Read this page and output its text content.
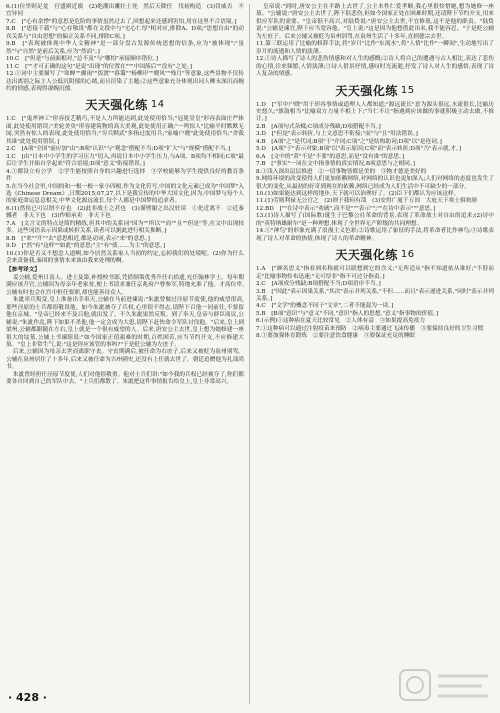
6.(1)位卑则足羞　官盛则近谀　(2)绝潮出雕壮士死　然后天降任　伐初构造　(3)罚威否　不宜异同

7.C　["心有余悸"的意思是危险的事情虽然过去了,回想起来还感到害怕,用在这里不合语境。]

8.B　["思接千载"与"心存敬畏"都在文段中与"宅心仁厚"相对应,排除A、D项;"思想自由"的动宾关系与"自由思想"的偏正关系不同,排除C项。]

9.B　["表现被体现中华人文精神"是一部分盘古发源传统思想的信条,应为"被体现";"虽然"与"自然"是前后关系,应为"然而"。]

10.C　["但是"与前面相对,"总不及"与"哪怕"承接顺序错位。]

11.C　[""才可正确的这句"是说"出现"的位置在"""中国落后""没有"之处。]

12.①词中主要描写了"寒蝉""骤雨""饭渡""暮霭""杨柳岸""晓风""残月"等意象,这些景物不仅传达出离别之际主人公低沉阴郁的心绪,而且渲染了主题;②这些意象充分体现出词人柳永深沉而婉约的情感,表现得凄婉沉郁。

天天强化练 14

1.C　["鬼斧神工"形容技艺精巧,不是人力所能达到,此处使用恰当;"冠冕堂皇"形容表面庄严体面,此处使用错误;"美轮美奂"形容建筑物的高大美观,此处使用正确;"一鸣惊人"比喻平时默默无闻,突然有惊人的表现,此处使用恰当;"穷兵黩武"多指过度用兵;"家喻户晓"此处使用恰当;"舍我其谁"此处使用错误。]

2.C　[A项"全国"前应加"由";B项"认识"与"观念"搭配不当;D项"扩大"与"规模"搭配不当。]

3.C　[由"日本中小学生的学习压力"切入,再说日本中小学生压力,与A项、B项均不相同;C项"最后让学生开始自学起来"符合语境;D项"意义"衔接错误。]

4.①都设立有公学　②学生能按照自身的兴趣进行选择　③学校能够为学生提供良好的教育条件

5.在当今社会里,中国的和一根一根一家小四根,作为文化符号,中国的文化元素已成为"中国梦"入选《Chinese Dream》,日期2015,07,27,以下是我宣传的中华大国文化,因为,中国梦与每个人的家庭命运息息相关,中华文化源远流长,每个人都是中国梦的追求者。

6.(1)然侯已可以谓不存也　(2)此非战士之甚也　(3)谨劈谢之出汉驻谈　①化近离不　②近秦骥者　非天下也　(3)作师承卖　非天下也

7.A　[文言文的特点是简约精练,但其中的关系词"因为""所以""而""且""但是"等,在文中出现较多。这些词语表示因果或转折关系,读者可以据此进行相关推断。]

8.B　["来""开""去"意思相近,都是动词,表示"来"的意思。]

9.D　["然"有"这样""如此"的意思;"主"有"使……为主"的意思。]

10.(1)你是否又不想念人道啊,如今居然关系家人当初的约定,忘掉我们的处境呢。(2)你为什么会来责备我,秦国的事情本来该由我来处理的啊。

【参考译文】

姜公辅,爱州日南人。进士及第,补授校书郎,凭借制策优秀升任右拾遗,充任翰林学士。每年期满应该升官,公辅因为母亲年老家贫,便上书请求兼任京兆府户曹参军,特地允准了他。才高位卑,公辅有时也会在宫中担任要职,却也能善待众人。

朱泚率兵叛变,皇上准备出幸奉天,公辅在马前进谏说:"朱泚曾做过泾原节度使,他的威望很高,那些泾原的士兵都很敬畏他。如今朱泚被夺了兵权,心里很不得志,请陛下召他一同前往,不要留他在京城。"皇帝已经来不及召他,就出发了。不久朱泚果然反叛。到了奉天,皇帝与群臣商议,公辅说:"朱泚作乱,陛下如果不杀他,他一定会成为大患,请陛下赶快命令军队讨伐他。"后来,皇上到梁州,公辅都跟随在左右,皇上就是一个很有威望的人。后来,唐安公主去世,皇上想为她修建一座很大的坟墓,公辅上书谏阻说:"如今国家正值艰难的时期,百姓困苦,应当节约开支,不应修建大墓。"皇上非常生气,说:"这是你应该管的事吗?"于是贬公辅为左庶子。

后来,公辅因为母亲去世而离职守丧。守丧期满后,被任命为右庶子,后来又被贬为泉州别驾。公辅在泉州居住了十多年,后来又被任命为吉州刺史,还没有上任就去世了。朝廷追赠他为礼部尚书。

朱泚曾经担任泾原节度使,人们对他很敬重。他对士兵们讲:"如今我的兵权已经被夺了,你们都要各自回到自己的军队中去。"士兵们都散了。朱泚把这件事情报告给皇上,皇上非常高兴。

皇帝说:"到时,唐安公主在半路上去世了,公主本性仁爱孝顺,我心里很怜惜她,想为她修一座墓。"公辅说:"唐安公主去世了,陛下很悲伤,但如今国家正处在困难时期,还请陛下节约开支,用来供应军队的需要。"皇帝很不高兴,对陆贽说:"唐安公主去世,不宜修墓,这不是他的职责。"陆贽说:"公辅是谏官,陛下应当宽容他。"皇上说:"这是因为他想借此出名,我不能容忍。"于是贬公辅为左庶子。后来公辅又被贬为泉州别驾,在泉州生活了十多年,直到德宗去世。

11.第三联运用了比喻的修辞手法,将"岁月"比作"东流水",将"人情"比作"一瞬间",生动地写出了岁月的流逝和人情的淡薄。

12.①诗人描写了诗人的悲伤情感和对人生的感慨;②诗人将自己的遭遇与古人相比,表达了悲伤的心情,往来频繁,人情淡薄;③诗人借景抒情,感叹时光流逝,抒发了诗人对人生的感悟,表现了诗人复杂的情感。

天天强化练 15

1.D　["军中户晓"用于形容事情或道理人人都知道;"源远流长"意为源头很远,水流很长,比喻历史悠久;"旗鼓相当"比喻双方力量不相上下;"当仁不让"指遇到应该做的事就积极主动去做,不推让。]

2.B　[A项句式杂糅;C项成分残缺;D项搭配不当。]

3.D　["但是"表示转折,与上文意思不衔接;"而"与"且"用法错误。]

4.B　[A项"之"是代词;B项"于"介词;C项"之"是结构助词;D项"以"是连词。]

5.D　[A项"于"表示对象;B项"以"表示原因;C项"而"表示转折;D项"乃"表示就,才。]

6.A　[文中的"莫"不是"不要"的意思,而是"没有谁"的意思。]

7.B　["事实"一词在文中指事情的真实情况,B项意思与之相同。]

8.①浅入深出层层推进　②一切事物皆都是美的　③物才德是美好的

9.网络环境的改变使得人们更加依赖网络,对网络的认识也更加深入;人们对网络的态度也发生了很大的变化,从最初的好奇到现在的依赖,网络已经成为人们生活中不可缺少的一部分。

10.(1)如果能达到这样的地步,天下就可以治理好了。(2)臣下们都认为应该这样。

11.(1)劳则利禄无公官之　(2)则于我何有哉　(3)安得广厦千万间　大庇天下寒士俱欢颜

12.BD　[""在诗中表示"劝诫",而不是"""表示"";""在诗中表示"""意思。]

13.(1)诗人描写了(国际歌)诞生于巴黎公社革命的背景,表现了革命战士对自由的追求;(2)诗中的"英特纳雄耐尔"是一种理想,体现了全世界无产阶级的共同理想。

14.①"神鸟"的形象充满了浪漫主义色彩;②诗歌运用了象征的手法,将革命者比作神鸟;③诗歌表现了诗人对革命的热情,体现了诗人的革命精神。

天天强化练 16

1.A　["顾名思义"指看到名称就可以联想到它的含义;"无所适从"指不知道依从谁好;"不胫而走"比喻事物传布迅速;"无可厚非"指不可过分指责。]

2.C　[A项成分残缺;B项搭配不当;D项语序不当。]

3.B　["因此"表示因果关系,"其次"表示并列关系,"不但……而且"表示递进关系,"同时"表示并列关系。]

4.C　["文学"的概念不同于"文章",二者不能混为一谈。]

5.B　[B项"意识"与"意义"不同,"意识"指人的思想,"意义"指事物的价值。]

6.(示例)①这种病在夏天比较常见　②人体有益　③如果提高免疫力

7.①这种病可以通过注射疫苗来预防　②病毒主要通过飞沫传播　③要保持良好的卫生习惯

8.①要加强体育锻炼　②要注意饮食健康　③要保证充足的睡眠

· 428 ·
